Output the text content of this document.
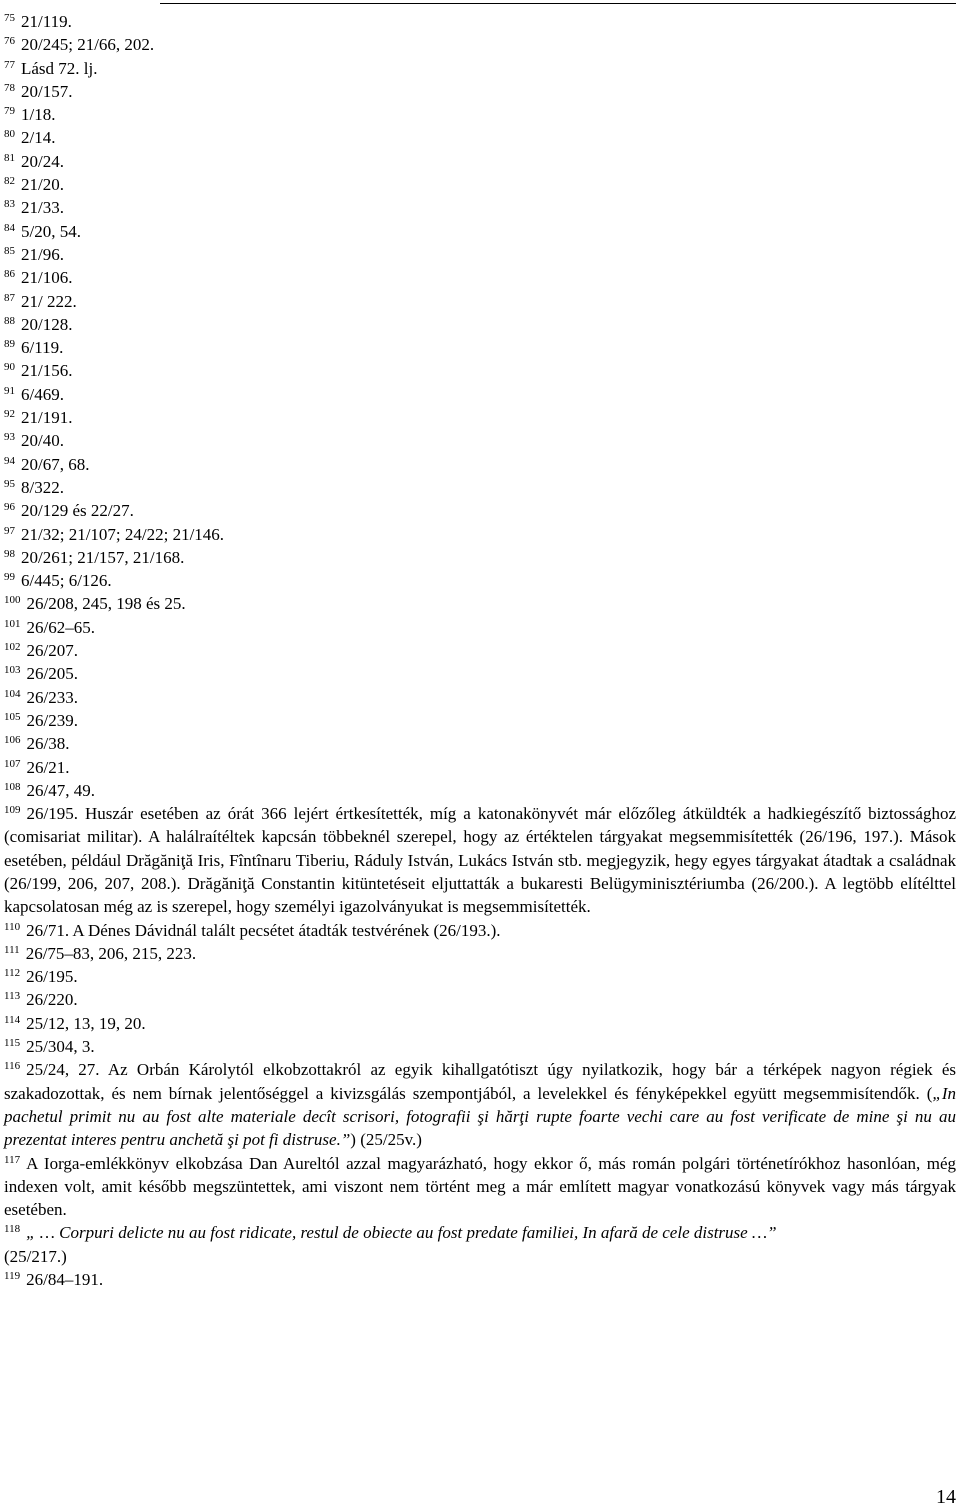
$^{75}$ 21/119.

$^{76}$ 20/245; 21/66, 202.

$^{77}$ Lásd 72. lj.

$^{78}$ 20/157.

$^{79}$ 1/18.

$^{80}$ 2/14.

$^{81}$ 20/24.

$^{82}$ 21/20.

$^{83}$ 21/33.

$^{84}$ 5/20, 54.

$^{85}$ 21/96.

$^{86}$ 21/106.

$^{87}$ 21/ 222.

$^{88}$ 20/128.

$^{89}$ 6/119.

$^{90}$ 21/156.

$^{91}$ 6/469.

$^{92}$ 21/191.

$^{93}$ 20/40.

$^{94}$ 20/67, 68.

$^{95}$ 8/322.

$^{96}$ 20/129 és 22/27.

$^{97}$ 21/32; 21/107; 24/22; 21/146.

$^{98}$ 20/261; 21/157, 21/168.

$^{99}$ 6/445; 6/126.

$^{100}$ 26/208, 245, 198 és 25.

$^{101}$ 26/62–65.

$^{102}$ 26/207.

$^{103}$ 26/205.

$^{104}$ 26/233.

$^{105}$ 26/239.

$^{106}$ 26/38.

$^{107}$ 26/21.

$^{108}$ 26/47, 49.

$^{109}$ 26/195. Huszár esetében az órát 366 lejért értkesítették, míg a katonakönyvét már előzőleg átküldték a hadkiegészítő biztossághoz (comisariat militar). A halálraítéltek kapcsán többeknél szerepel, hogy az értéktelen tárgyakat megsemmisítették (26/196, 197.). Mások esetében, például Drăgăniţă Iris, Fîntînaru Tiberiu, Ráduly István, Lukács István stb. megjegyzik, hegy egyes tárgyakat átadtak a családnak (26/199, 206, 207, 208.). Drăgăniţă Constantin kitüntetéseit eljuttatták a bukaresti Belügyminisztériumba (26/200.). A legtöbb elítélttel kapcsolatosan még az is szerepel, hogy személyi igazolványukat is megsemmisítették.

$^{110}$ 26/71. A Dénes Dávidnál talált pecsétet átadták testvérének (26/193.).

$^{111}$ 26/75–83, 206, 215, 223.

$^{112}$ 26/195.

$^{113}$ 26/220.

$^{114}$ 25/12, 13, 19, 20.

$^{115}$ 25/304, 3.

$^{116}$ 25/24, 27. Az Orbán Károlytól elkobzottakról az egyik kihallgatótiszt úgy nyilatkozik, hogy bár a térképek nagyon régiek és szakadozottak, és nem bírnak jelentőséggel a kivizsgálás szempontjából, a levelekkel és fényképekkel együtt megsemmisítendők. („In pachetul primit nu au fost alte materiale decît scrisori, fotografii şi hărţi rupte foarte vechi care au fost verificate de mine şi nu au prezentat interes pentru anchetă şi pot fi distruse.”) (25/25v.)

$^{117}$ A Iorga-emlékkönyv elkobzása Dan Aureltól azzal magyarázható, hogy ekkor ő, más román polgári történetírókhoz hasonlóan, még indexen volt, amit később megszüntettek, ami viszont nem történt meg a már említett magyar vonatkozású könyvek vagy más tárgyak esetében.

$^{118}$ „ … Corpuri delicte nu au fost ridicate, restul de obiecte au fost predate familiei, In afară de cele distruse …”
(25/217.)

$^{119}$ 26/84–191.

14
